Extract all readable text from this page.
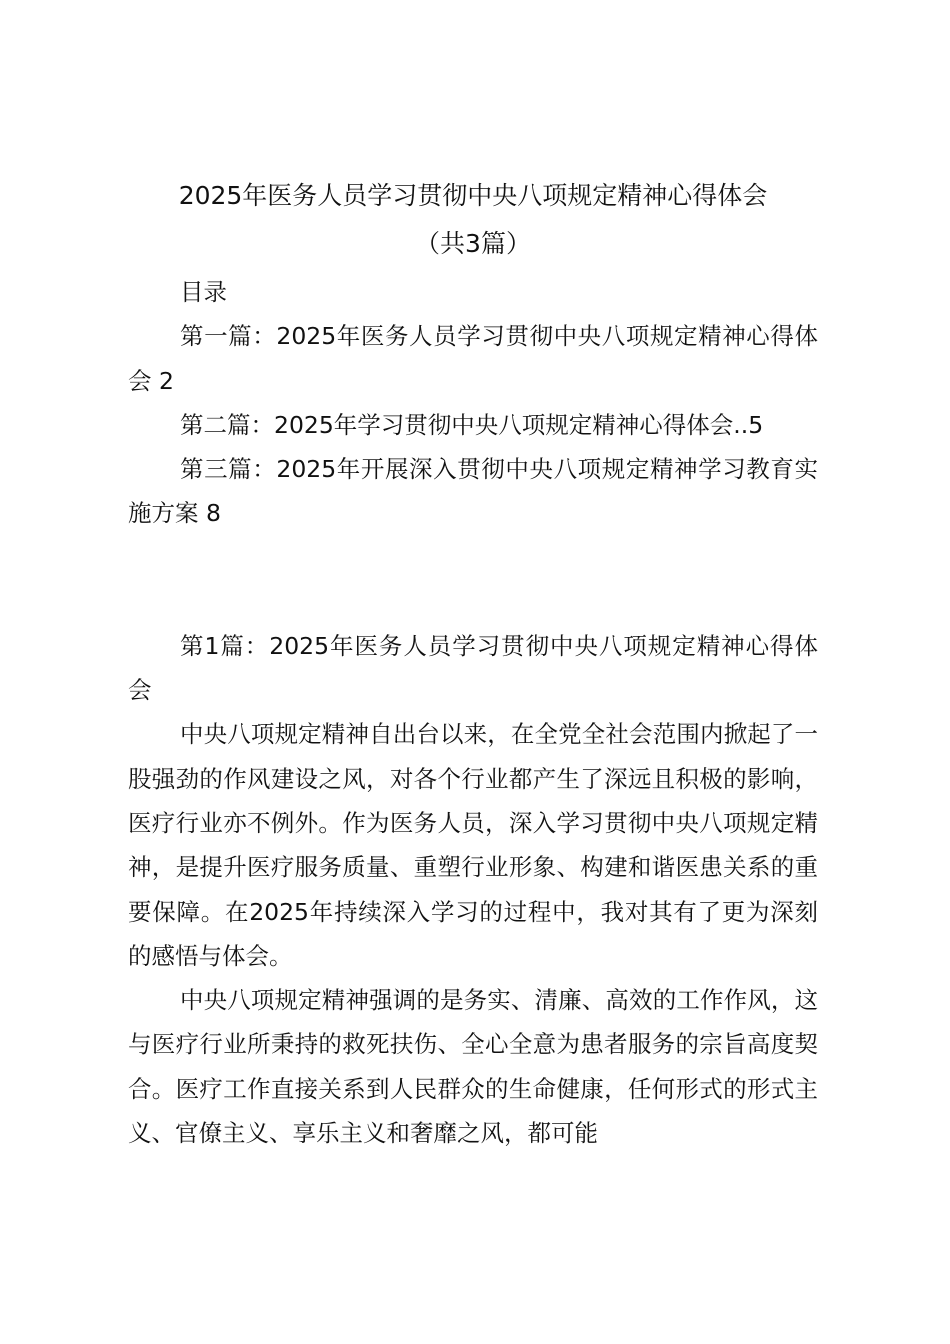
2025年医务人员学习贯彻中央八项规定精神心得体会
（共3篇）

目录

第一篇：2025年医务人员学习贯彻中央八项规定精神心得体会 2

第二篇：2025年学习贯彻中央八项规定精神心得体会..5

第三篇：2025年开展深入贯彻中央八项规定精神学习教育实施方案 8

第1篇：2025年医务人员学习贯彻中央八项规定精神心得体会

中央八项规定精神自出台以来，在全党全社会范围内掀起了一股强劲的作风建设之风，对各个行业都产生了深远且积极的影响，医疗行业亦不例外。作为医务人员，深入学习贯彻中央八项规定精神，是提升医疗服务质量、重塑行业形象、构建和谐医患关系的重要保障。在2025年持续深入学习的过程中，我对其有了更为深刻的感悟与体会。

中央八项规定精神强调的是务实、清廉、高效的工作作风，这与医疗行业所秉持的救死扶伤、全心全意为患者服务的宗旨高度契合。医疗工作直接关系到人民群众的生命健康，任何形式的形式主义、官僚主义、享乐主义和奢靡之风，都可能
